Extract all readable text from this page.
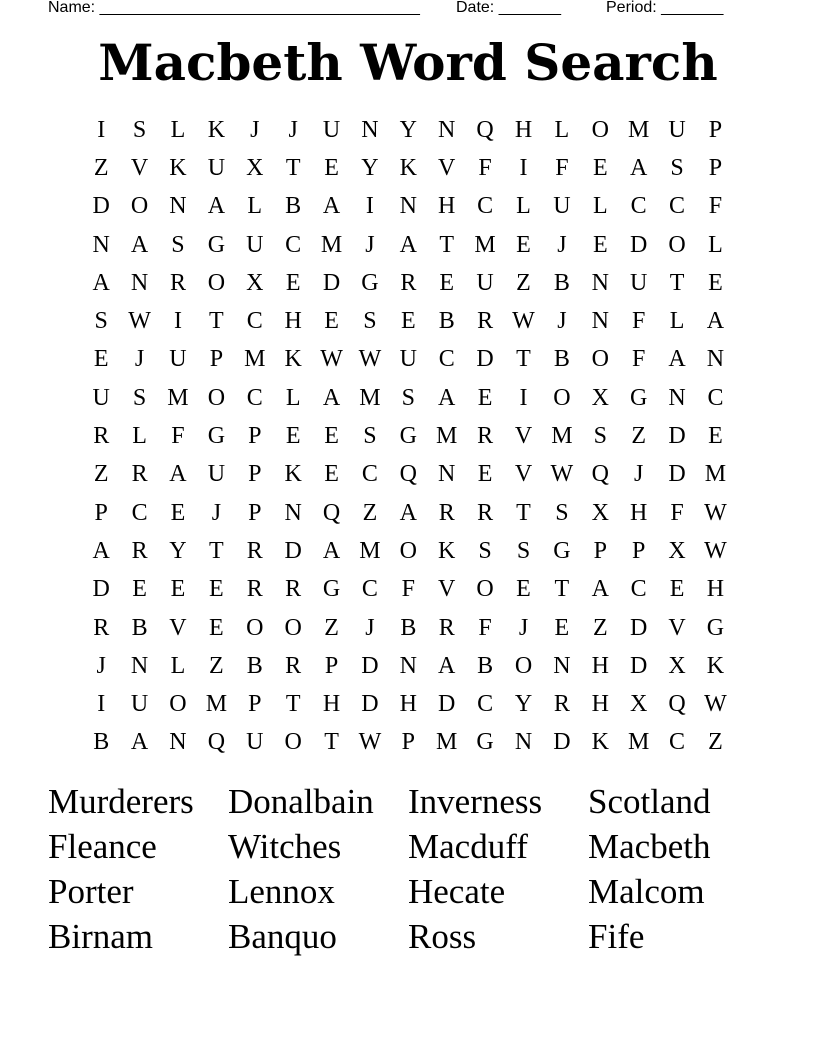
Name: ____________________________________ Date: _______	Period: _______
Macbeth Word Search
I	S	L K	J	J	U N Y N Q H L O M U P
Z V K U X T E Y K V F	I	F	E A S	P
D O N A L B A	I	N H C L U L C C F
N A S G U C M J	A T M E	J	E D O L
A N R O X E D G R E U Z B N U T E
S W I	T C H E	S	E B R W J	N F	L A
E	J	U P M K W W U C D T B O F A N
U S M O C L A M S A E	I	O X G N C
R L	F G P	E E	S G M R V M S	Z D E
Z R A U P K E C Q N E V W Q	J	D M
P C E	J	P N Q Z A R R T	S X H F W
A R Y T R D A M O K S	S G P	P X W
D E E E R R G C F V O E T A C E H
R B V E O O Z	J	B R F	J	E Z D V G
J	N L Z B R P D N A B O N H D X K
I	U O M P	T H D H D C Y R H X Q W
B A N Q U O T W P M G N D K M C Z
Murderers Donalbain Inverness	Scotland
Fleance	Witches	Macduff	Macbeth
Porter	Lennox	Hecate	Malcom
Birnam	Banquo	Ross	Fife
